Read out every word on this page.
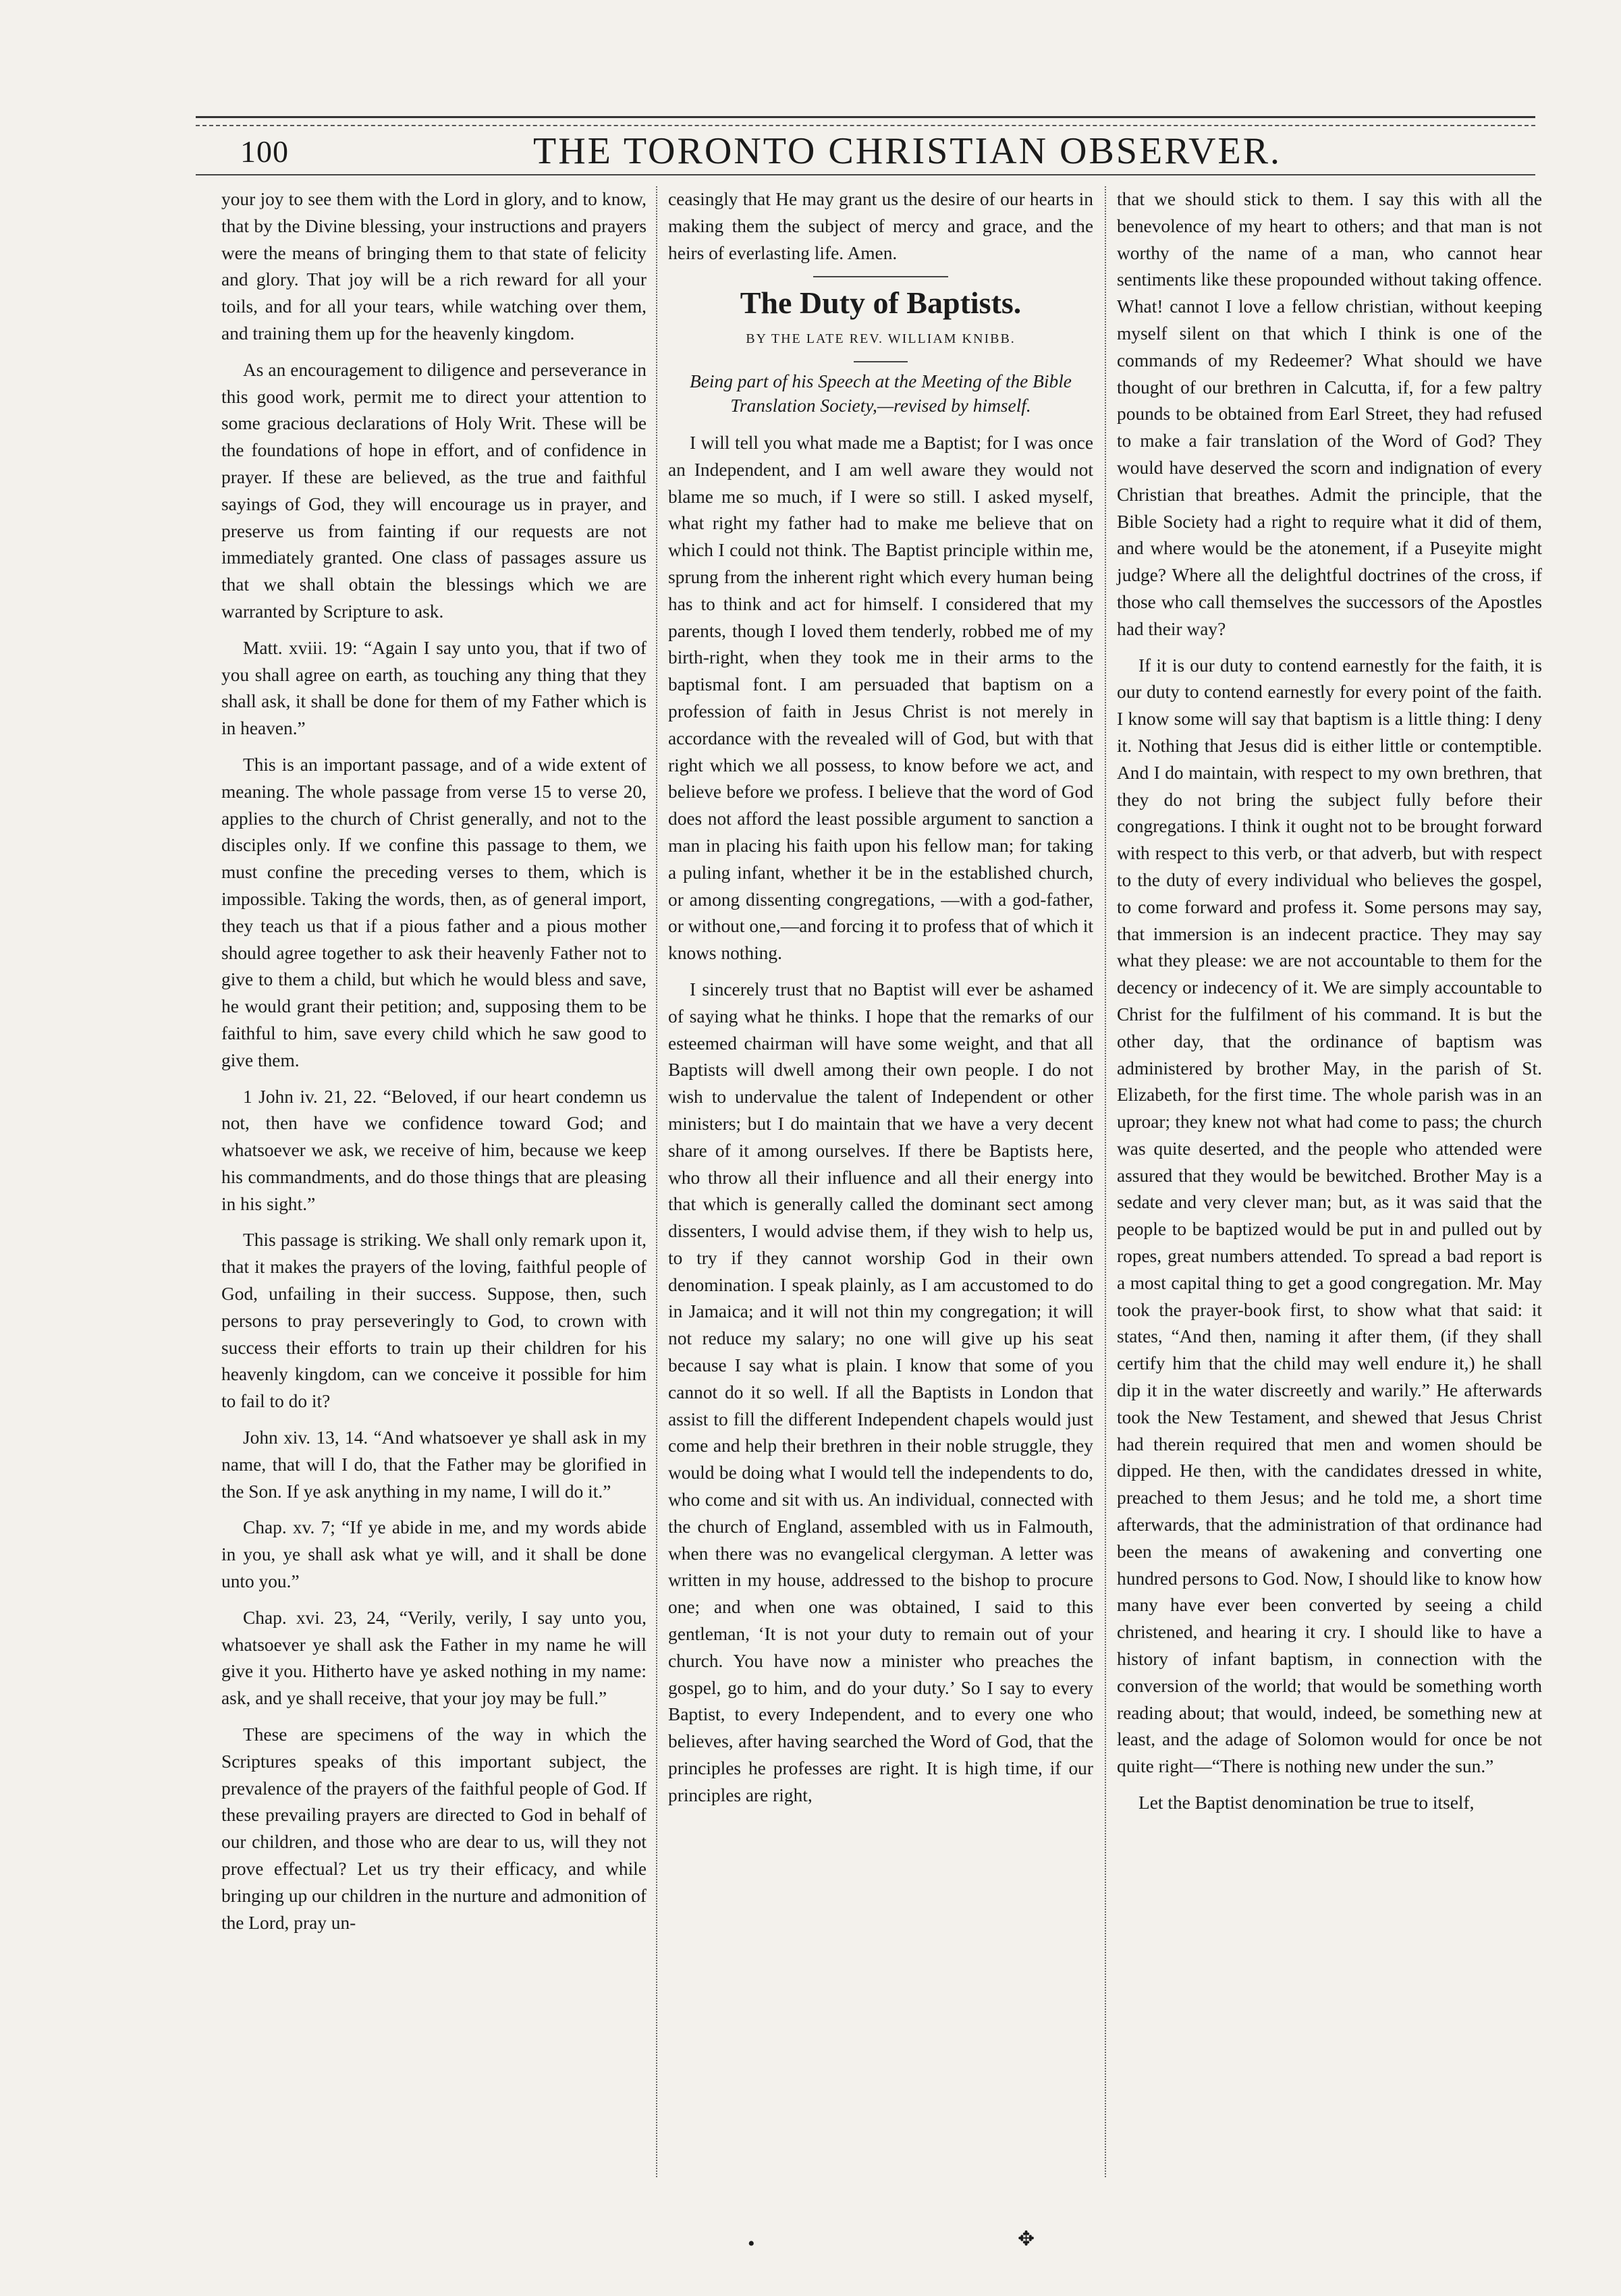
100	THE TORONTO CHRISTIAN OBSERVER.

your joy to see them with the Lord in glory, and to know, that by the Divine blessing, your instructions and prayers were the means of bringing them to that state of felicity and glory. That joy will be a rich reward for all your toils, and for all your tears, while watching over them, and training them up for the heavenly kingdom.

As an encouragement to diligence and perseverance in this good work, permit me to direct your attention to some gracious declarations of Holy Writ. These will be the foundations of hope in effort, and of confidence in prayer. If these are believed, as the true and faithful sayings of God, they will encourage us in prayer, and preserve us from fainting if our requests are not immediately granted. One class of passages assure us that we shall obtain the blessings which we are warranted by Scripture to ask.

Matt. xviii. 19: “Again I say unto you, that if two of you shall agree on earth, as touching any thing that they shall ask, it shall be done for them of my Father which is in heaven.”

This is an important passage, and of a wide extent of meaning. The whole passage from verse 15 to verse 20, applies to the church of Christ generally, and not to the disciples only. If we confine this passage to them, we must confine the preceding verses to them, which is impossible. Taking the words, then, as of general import, they teach us that if a pious father and a pious mother should agree together to ask their heavenly Father not to give to them a child, but which he would bless and save, he would grant their petition; and, supposing them to be faithful to him, save every child which he saw good to give them.

1 John iv. 21, 22. “Beloved, if our heart condemn us not, then have we confidence toward God; and whatsoever we ask, we receive of him, because we keep his commandments, and do those things that are pleasing in his sight.”

This passage is striking. We shall only remark upon it, that it makes the prayers of the loving, faithful people of God, unfailing in their success. Suppose, then, such persons to pray perseveringly to God, to crown with success their efforts to train up their children for his heavenly kingdom, can we conceive it possible for him to fail to do it?

John xiv. 13, 14. “And whatsoever ye shall ask in my name, that will I do, that the Father may be glorified in the Son. If ye ask anything in my name, I will do it.”

Chap. xv. 7; “If ye abide in me, and my words abide in you, ye shall ask what ye will, and it shall be done unto you.”

Chap. xvi. 23, 24, “Verily, verily, I say unto you, whatsoever ye shall ask the Father in my name he will give it you. Hitherto have ye asked nothing in my name: ask, and ye shall receive, that your joy may be full.”

These are specimens of the way in which the Scriptures speaks of this important subject, the prevalence of the prayers of the faithful people of God. If these prevailing prayers are directed to God in behalf of our children, and those who are dear to us, will they not prove effectual? Let us try their efficacy, and while bringing up our children in the nurture and admonition of the Lord, pray un-

ceasingly that He may grant us the desire of our hearts in making them the subject of mercy and grace, and the heirs of everlasting life. Amen.

The Duty of Baptists.
BY THE LATE REV. WILLIAM KNIBB.
Being part of his Speech at the Meeting of the Bible Translation Society,—revised by himself.

I will tell you what made me a Baptist; for I was once an Independent, and I am well aware they would not blame me so much, if I were so still. I asked myself, what right my father had to make me believe that on which I could not think. The Baptist principle within me, sprung from the inherent right which every human being has to think and act for himself. I considered that my parents, though I loved them tenderly, robbed me of my birth-right, when they took me in their arms to the baptismal font. I am persuaded that baptism on a profession of faith in Jesus Christ is not merely in accordance with the revealed will of God, but with that right which we all possess, to know before we act, and believe before we profess. I believe that the word of God does not afford the least possible argument to sanction a man in placing his faith upon his fellow man; for taking a puling infant, whether it be in the established church, or among dissenting congregations, —with a god-father, or without one,—and forcing it to profess that of which it knows nothing.

I sincerely trust that no Baptist will ever be ashamed of saying what he thinks. I hope that the remarks of our esteemed chairman will have some weight, and that all Baptists will dwell among their own people. I do not wish to undervalue the talent of Independent or other ministers; but I do maintain that we have a very decent share of it among ourselves. If there be Baptists here, who throw all their influence and all their energy into that which is generally called the dominant sect among dissenters, I would advise them, if they wish to help us, to try if they cannot worship God in their own denomination. I speak plainly, as I am accustomed to do in Jamaica; and it will not thin my congregation; it will not reduce my salary; no one will give up his seat because I say what is plain. I know that some of you cannot do it so well. If all the Baptists in London that assist to fill the different Independent chapels would just come and help their brethren in their noble struggle, they would be doing what I would tell the independents to do, who come and sit with us. An individual, connected with the church of England, assembled with us in Falmouth, when there was no evangelical clergyman. A letter was written in my house, addressed to the bishop to procure one; and when one was obtained, I said to this gentleman, ‘It is not your duty to remain out of your church. You have now a minister who preaches the gospel, go to him, and do your duty.’ So I say to every Baptist, to every Independent, and to every one who believes, after having searched the Word of God, that the principles he professes are right. It is high time, if our principles are right,

that we should stick to them. I say this with all the benevolence of my heart to others; and that man is not worthy of the name of a man, who cannot hear sentiments like these propounded without taking offence. What! cannot I love a fellow christian, without keeping myself silent on that which I think is one of the commands of my Redeemer? What should we have thought of our brethren in Calcutta, if, for a few paltry pounds to be obtained from Earl Street, they had refused to make a fair translation of the Word of God? They would have deserved the scorn and indignation of every Christian that breathes. Admit the principle, that the Bible Society had a right to require what it did of them, and where would be the atonement, if a Puseyite might judge? Where all the delightful doctrines of the cross, if those who call themselves the successors of the Apostles had their way?

If it is our duty to contend earnestly for the faith, it is our duty to contend earnestly for every point of the faith. I know some will say that baptism is a little thing: I deny it. Nothing that Jesus did is either little or contemptible. And I do maintain, with respect to my own brethren, that they do not bring the subject fully before their congregations. I think it ought not to be brought forward with respect to this verb, or that adverb, but with respect to the duty of every individual who believes the gospel, to come forward and profess it. Some persons may say, that immersion is an indecent practice. They may say what they please: we are not accountable to them for the decency or indecency of it. We are simply accountable to Christ for the fulfilment of his command. It is but the other day, that the ordinance of baptism was administered by brother May, in the parish of St. Elizabeth, for the first time. The whole parish was in an uproar; they knew not what had come to pass; the church was quite deserted, and the people who attended were assured that they would be bewitched. Brother May is a sedate and very clever man; but, as it was said that the people to be baptized would be put in and pulled out by ropes, great numbers attended. To spread a bad report is a most capital thing to get a good congregation. Mr. May took the prayer-book first, to show what that said: it states, “And then, naming it after them, (if they shall certify him that the child may well endure it,) he shall dip it in the water discreetly and warily.” He afterwards took the New Testament, and shewed that Jesus Christ had therein required that men and women should be dipped. He then, with the candidates dressed in white, preached to them Jesus; and he told me, a short time afterwards, that the administration of that ordinance had been the means of awakening and converting one hundred persons to God. Now, I should like to know how many have ever been converted by seeing a child christened, and hearing it cry. I should like to have a history of infant baptism, in connection with the conversion of the world; that would be something worth reading about; that would, indeed, be something new at least, and the adage of Solomon would for once be not quite right—“There is nothing new under the sun.”

Let the Baptist denomination be true to itself,

•	✥
